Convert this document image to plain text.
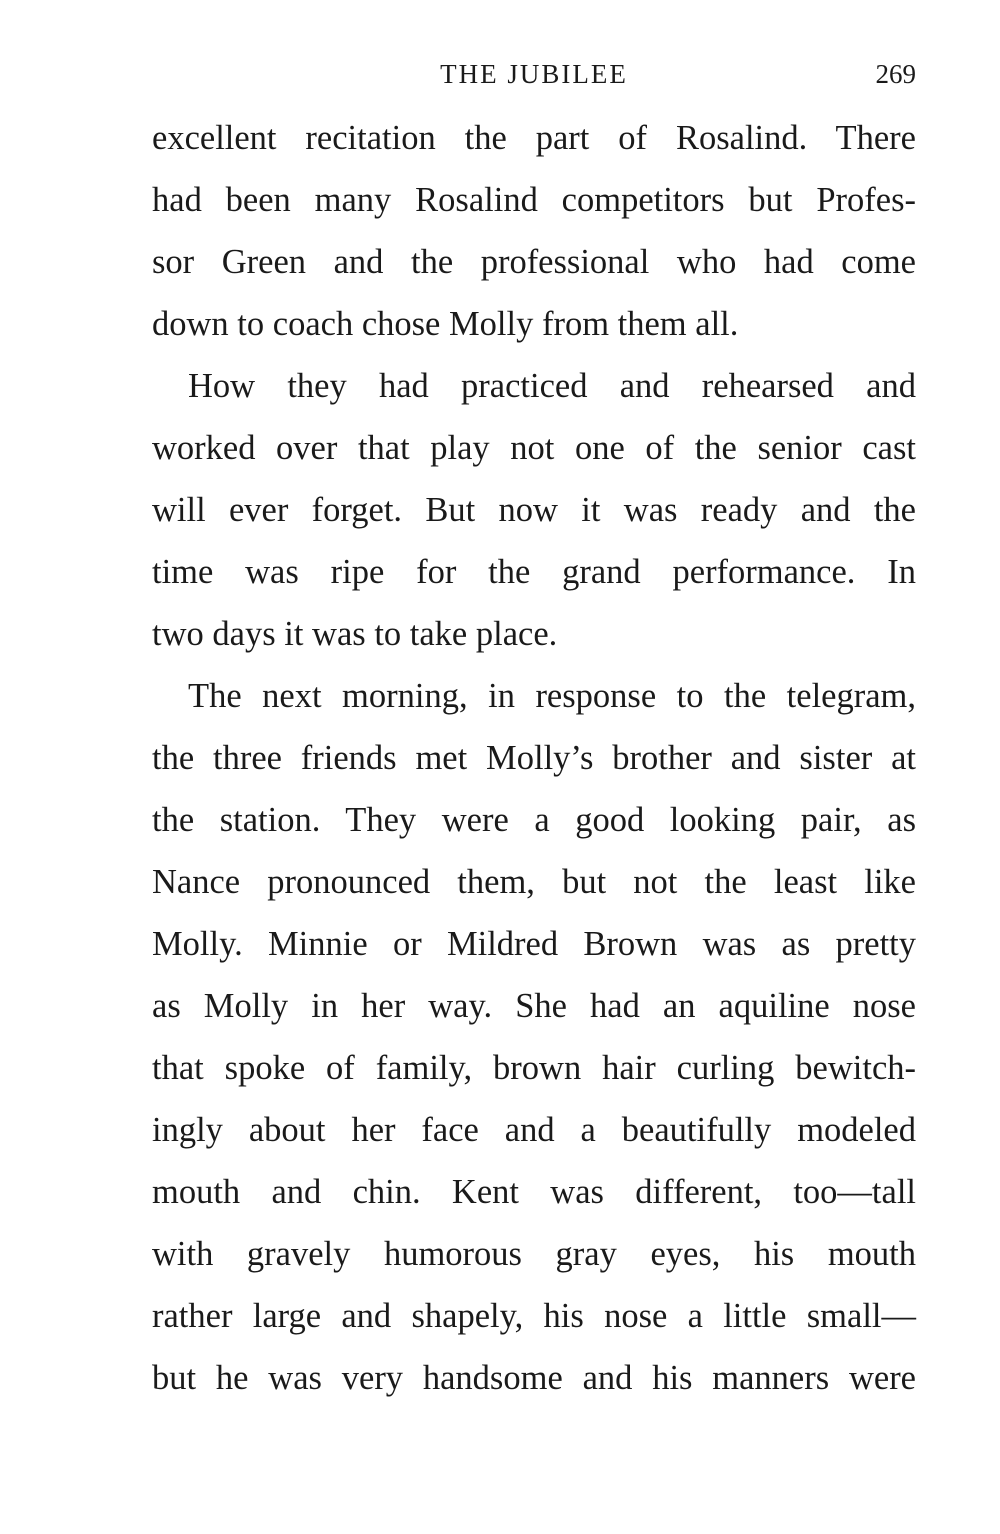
THE JUBILEE	269
excellent recitation the part of Rosalind. There
had been many Rosalind competitors but Profes-
sor Green and the professional who had come
down to coach chose Molly from them all.
How they had practiced and rehearsed and
worked over that play not one of the senior cast
will ever forget. But now it was ready and the
time was ripe for the grand performance. In
two days it was to take place.
The next morning, in response to the telegram,
the three friends met Molly’s brother and sister at
the station. They were a good looking pair, as
Nance pronounced them, but not the least like
Molly. Minnie or Mildred Brown was as pretty
as Molly in her way. She had an aquiline nose
that spoke of family, brown hair curling bewitch-
ingly about her face and a beautifully modeled
mouth and chin. Kent was different, too—tall
with gravely humorous gray eyes, his mouth
rather large and shapely, his nose a little small—
but he was very handsome and his manners were
